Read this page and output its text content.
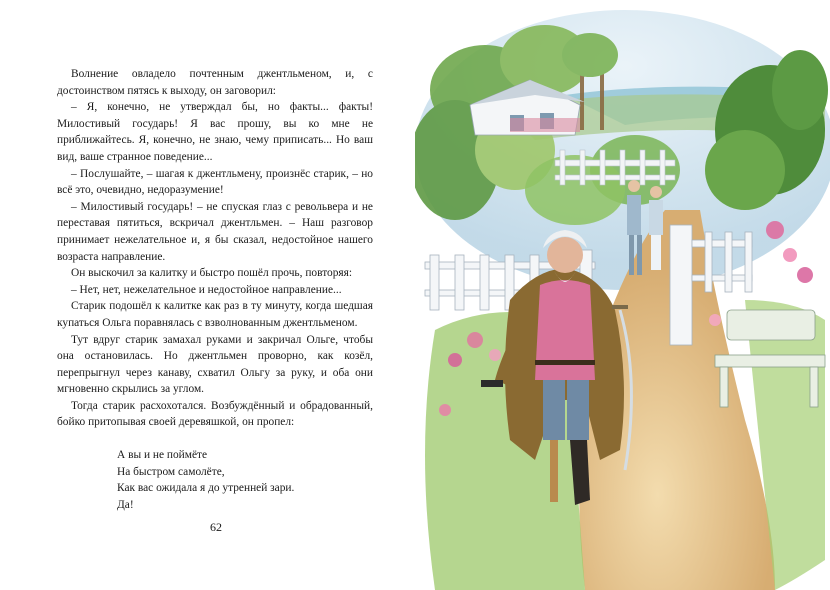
Волнение овладело почтенным джентльменом, и, с достоинством пятясь к выходу, он заговорил:

– Я, конечно, не утверждал бы, но факты... факты! Милостивый государь! Я вас прошу, вы ко мне не приближайтесь. Я, конечно, не знаю, чему приписать... Но ваш вид, ваше странное поведение...

– Послушайте, – шагая к джентльмену, произнёс старик, – но всё это, очевидно, недоразумение!

– Милостивый государь! – не спуская глаз с револьвера и не переставая пятиться, вскричал джентльмен. – Наш разговор принимает нежелательное и, я бы сказал, недостойное нашего возраста направление.

Он выскочил за калитку и быстро пошёл прочь, повторяя:

– Нет, нет, нежелательное и недостойное направление...

Старик подошёл к калитке как раз в ту минуту, когда шедшая купаться Ольга поравнялась с взволнованным джентльменом.

Тут вдруг старик замахал руками и закричал Ольге, чтобы она остановилась. Но джентльмен проворно, как козёл, перепрыгнул через канаву, схватил Ольгу за руку, и оба они мгновенно скрылись за углом.

Тогда старик расхохотался. Возбуждённый и обрадованный, бойко притопывая своей деревяшкой, он пропел:

А вы и не поймёте
На быстром самолёте,
Как вас ожидала я до утренней зари.
Да!
62
